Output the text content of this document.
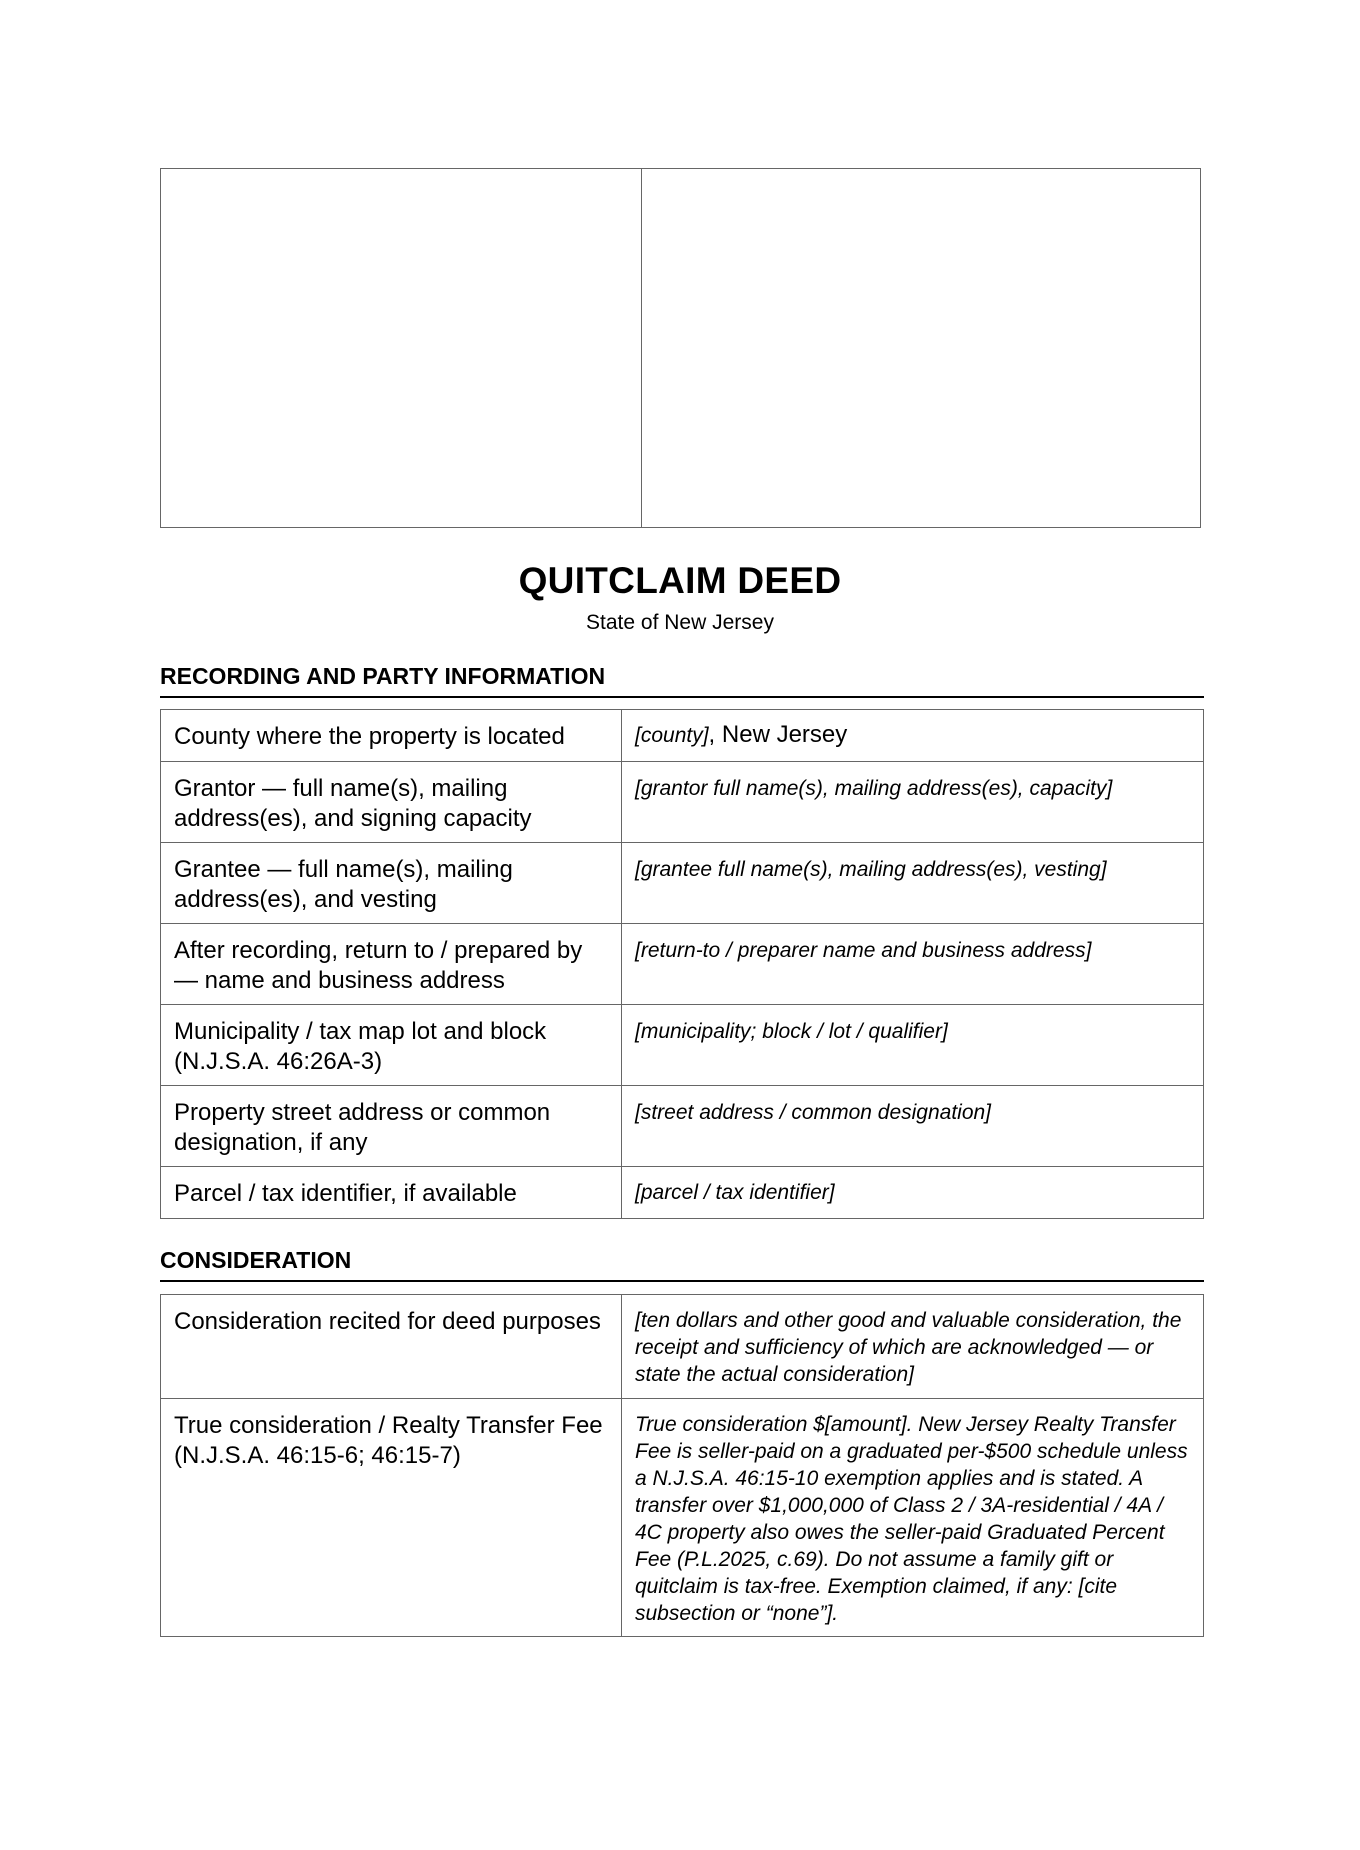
QUITCLAIM DEED
State of New Jersey
RECORDING AND PARTY INFORMATION
County where the property is located	[county], New Jersey
Grantor — full name(s), mailing address(es), and signing capacity	[grantor full name(s), mailing address(es), capacity]
Grantee — full name(s), mailing address(es), and vesting	[grantee full name(s), mailing address(es), vesting]
After recording, return to / prepared by — name and business address	[return-to / preparer name and business address]
Municipality / tax map lot and block (N.J.S.A. 46:26A-3)	[municipality; block / lot / qualifier]
Property street address or common designation, if any	[street address / common designation]
Parcel / tax identifier, if available	[parcel / tax identifier]
CONSIDERATION
Consideration recited for deed purposes	[ten dollars and other good and valuable consideration, the receipt and sufficiency of which are acknowledged — or state the actual consideration]
True consideration / Realty Transfer Fee (N.J.S.A. 46:15-6; 46:15-7)	True consideration $[amount]. New Jersey Realty Transfer Fee is seller-paid on a graduated per-$500 schedule unless a N.J.S.A. 46:15-10 exemption applies and is stated. A transfer over $1,000,000 of Class 2 / 3A-residential / 4A / 4C property also owes the seller-paid Graduated Percent Fee (P.L.2025, c.69). Do not assume a family gift or quitclaim is tax-free. Exemption claimed, if any: [cite subsection or “none”].
